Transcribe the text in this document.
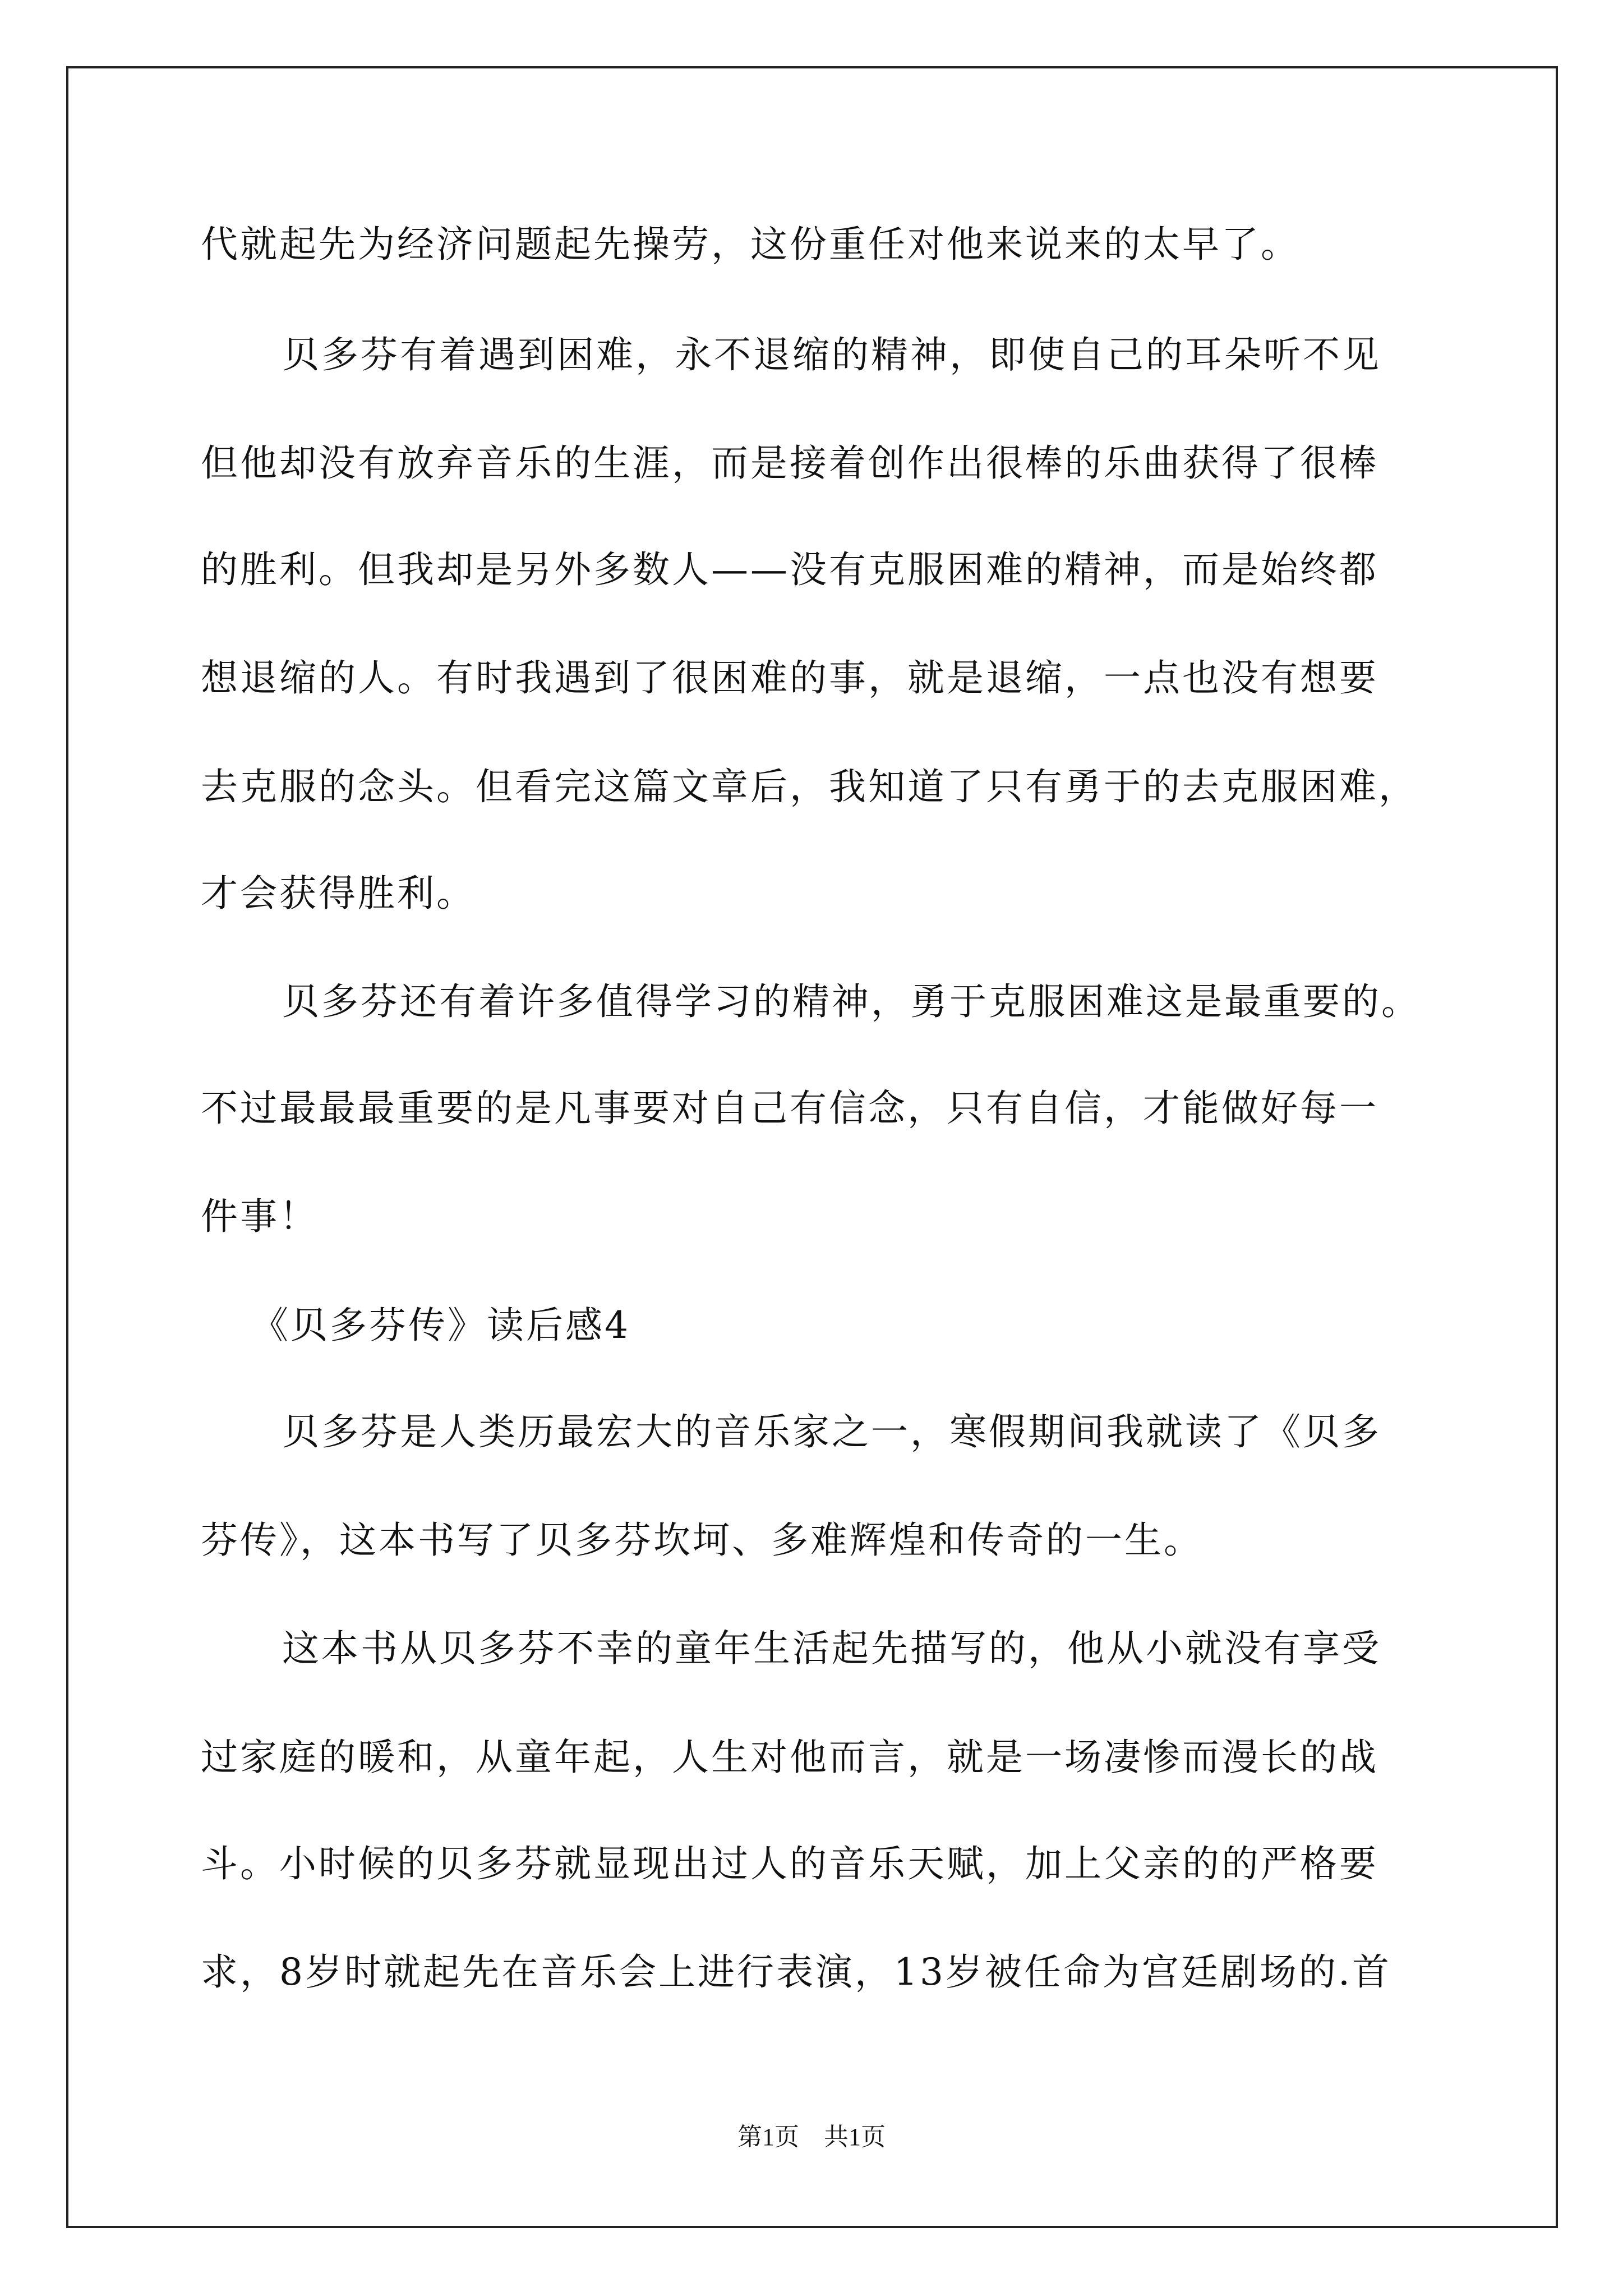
代就起先为经济问题起先操劳，这份重任对他来说来的太早了。
贝多芬有着遇到困难，永不退缩的精神，即使自己的耳朵听不见
但他却没有放弃音乐的生涯，而是接着创作出很棒的乐曲获得了很棒
的胜利。但我却是另外多数人——没有克服困难的精神，而是始终都
想退缩的人。有时我遇到了很困难的事，就是退缩，一点也没有想要
去克服的念头。但看完这篇文章后，我知道了只有勇于的去克服困难，
才会获得胜利。
贝多芬还有着许多值得学习的精神，勇于克服困难这是最重要的。
不过最最最重要的是凡事要对自己有信念，只有自信，才能做好每一
件事！
《贝多芬传》读后感4
贝多芬是人类历最宏大的音乐家之一，寒假期间我就读了《贝多
芬传》，这本书写了贝多芬坎坷、多难辉煌和传奇的一生。
这本书从贝多芬不幸的童年生活起先描写的，他从小就没有享受
过家庭的暖和，从童年起，人生对他而言，就是一场凄惨而漫长的战
斗。小时候的贝多芬就显现出过人的音乐天赋，加上父亲的的严格要
求，8岁时就起先在音乐会上进行表演，13岁被任命为宫廷剧场的.首
第1页 共1页
